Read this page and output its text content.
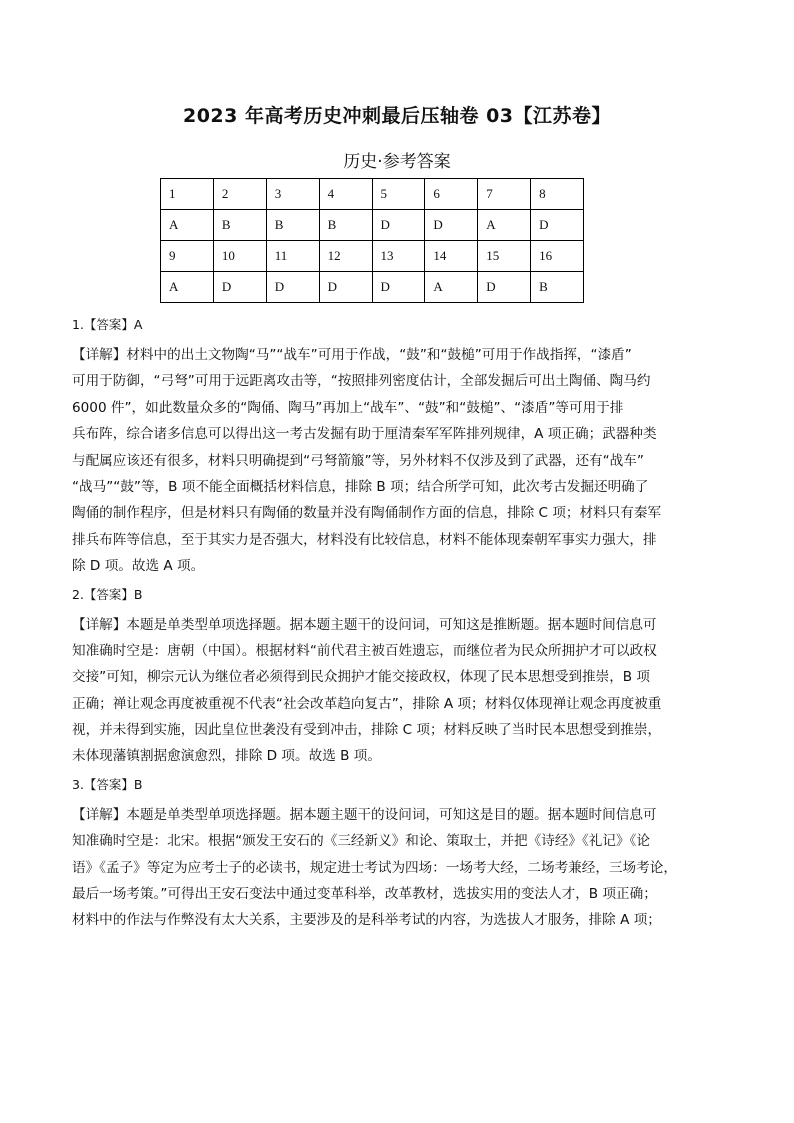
2023 年高考历史冲刺最后压轴卷 03【江苏卷】
历史·参考答案
1	2	3	4	5	6	7	8
A	B	B	B	D	D	A	D
9	10	11	12	13	14	15	16
A	D	D	D	D	A	D	B
1.【答案】A
【详解】材料中的出土文物陶“马”“战车”可用于作战，“鼓”和“鼓槌”可用于作战指挥，“漆盾”
可用于防御，“弓弩”可用于远距离攻击等，“按照排列密度估计，全部发掘后可出土陶俑、陶马约
6000 件”，如此数量众多的“陶俑、陶马”再加上“战车”、“鼓”和“鼓槌”、“漆盾”等可用于排
兵布阵，综合诸多信息可以得出这一考古发掘有助于厘清秦军军阵排列规律，A 项正确；武器种类
与配属应该还有很多，材料只明确提到“弓弩箭箙”等，另外材料不仅涉及到了武器，还有“战车”
“战马”“鼓”等，B 项不能全面概括材料信息，排除 B 项；结合所学可知，此次考古发掘还明确了
陶俑的制作程序，但是材料只有陶俑的数量并没有陶俑制作方面的信息，排除 C 项；材料只有秦军
排兵布阵等信息，至于其实力是否强大，材料没有比较信息，材料不能体现秦朝军事实力强大，排
除 D 项。故选 A 项。
2.【答案】B
【详解】本题是单类型单项选择题。据本题主题干的设问词，可知这是推断题。据本题时间信息可
知准确时空是：唐朝（中国）。根据材料“前代君主被百姓遗忘，而继位者为民众所拥护才可以政权
交接”可知，柳宗元认为继位者必须得到民众拥护才能交接政权，体现了民本思想受到推崇，B 项
正确；禅让观念再度被重视不代表“社会改革趋向复古”，排除 A 项；材料仅体现禅让观念再度被重
视，并未得到实施，因此皇位世袭没有受到冲击，排除 C 项；材料反映了当时民本思想受到推崇，
未体现藩镇割据愈演愈烈，排除 D 项。故选 B 项。
3.【答案】B
【详解】本题是单类型单项选择题。据本题主题干的设问词，可知这是目的题。据本题时间信息可
知准确时空是：北宋。根据“颁发王安石的《三经新义》和论、策取士，并把《诗经》《礼记》《论
语》《孟子》等定为应考士子的必读书，规定进士考试为四场：一场考大经，二场考兼经，三场考论，
最后一场考策。”可得出王安石变法中通过变革科举，改革教材，选拔实用的变法人才，B 项正确；
材料中的作法与作弊没有太大关系，主要涉及的是科举考试的内容，为选拔人才服务，排除 A 项；
